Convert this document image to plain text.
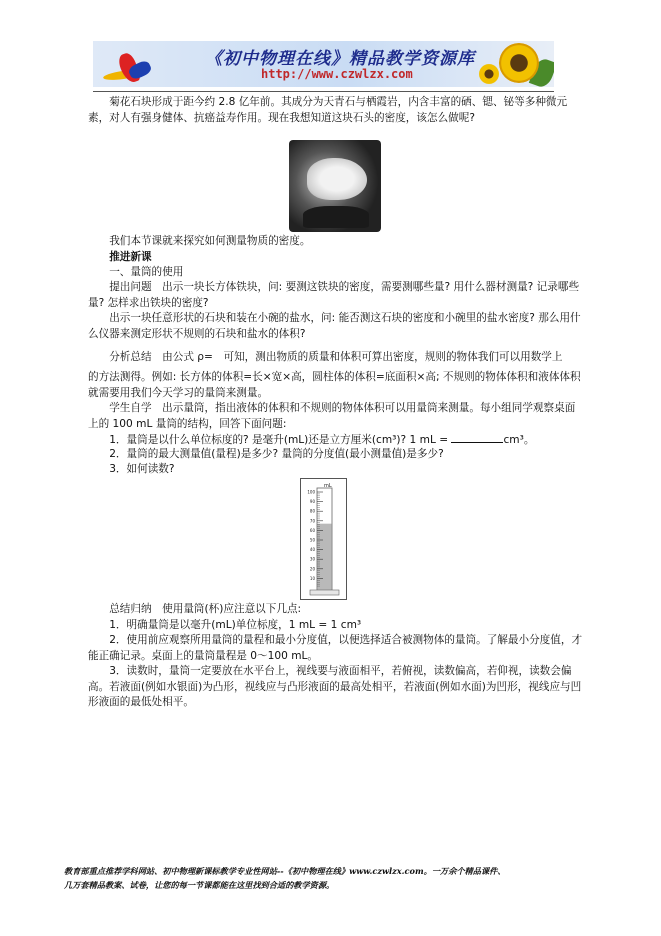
《初中物理在线》精品教学资源库
http://www.czwlzx.com

菊花石块形成于距今约 2.8 亿年前。其成分为天青石与栖霞岩，内含丰富的硒、锶、铋等多种微元素，对人有强身健体、抗癌益寿作用。现在我想知道这块石头的密度，该怎么做呢?

我们本节课就来探究如何测量物质的密度。

推进新课

一、量筒的使用

提出问题　出示一块长方体铁块，问: 要测这铁块的密度，需要测哪些量? 用什么器材测量? 记录哪些量? 怎样求出铁块的密度?

出示一块任意形状的石块和装在小碗的盐水，问: 能否测这石块的密度和小碗里的盐水密度? 那么用什么仪器来测定形状不规则的石块和盐水的体积?

分析总结　由公式 ρ=　可知，测出物质的质量和体积可算出密度，规则的物体我们可以用数学上

的方法测得。例如: 长方体的体积=长×宽×高，圆柱体的体积=底面积×高; 不规则的物体体积和液体体积就需要用我们今天学习的量筒来测量。

学生自学　出示量筒，指出液体的体积和不规则的物体体积可以用量筒来测量。每小组同学观察桌面上的 100 mL 量筒的结构，回答下面问题:

1．量筒是以什么单位标度的? 是毫升(mL)还是立方厘米(cm³)? 1 mL =	cm³。

2．量筒的最大测量值(量程)是多少? 量筒的分度值(最小测量值)是多少?

3．如何读数?

总结归纳　使用量筒(杯)应注意以下几点:

1．明确量筒是以毫升(mL)单位标度，1 mL = 1 cm³

2．使用前应观察所用量筒的量程和最小分度值，以便选择适合被测物体的量筒。了解最小分度值，才能正确记录。桌面上的量筒量程是 0～100 mL。

3．读数时，量筒一定要放在水平台上，视线要与液面相平，若俯视，读数偏高，若仰视，读数会偏高。若液面(例如水银面)为凸形，视线应与凸形液面的最高处相平，若液面(例如水面)为凹形，视线应与凹形液面的最低处相平。

mL
100
90
80
70
60
50
40
30
20
10
教育部重点推荐学科网站、初中物理新课标教学专业性网站--《初中物理在线》www.czwlzx.com。一万余个精品课件、
几万套精品教案、试卷，让您的每一节课都能在这里找到合适的教学资源。
